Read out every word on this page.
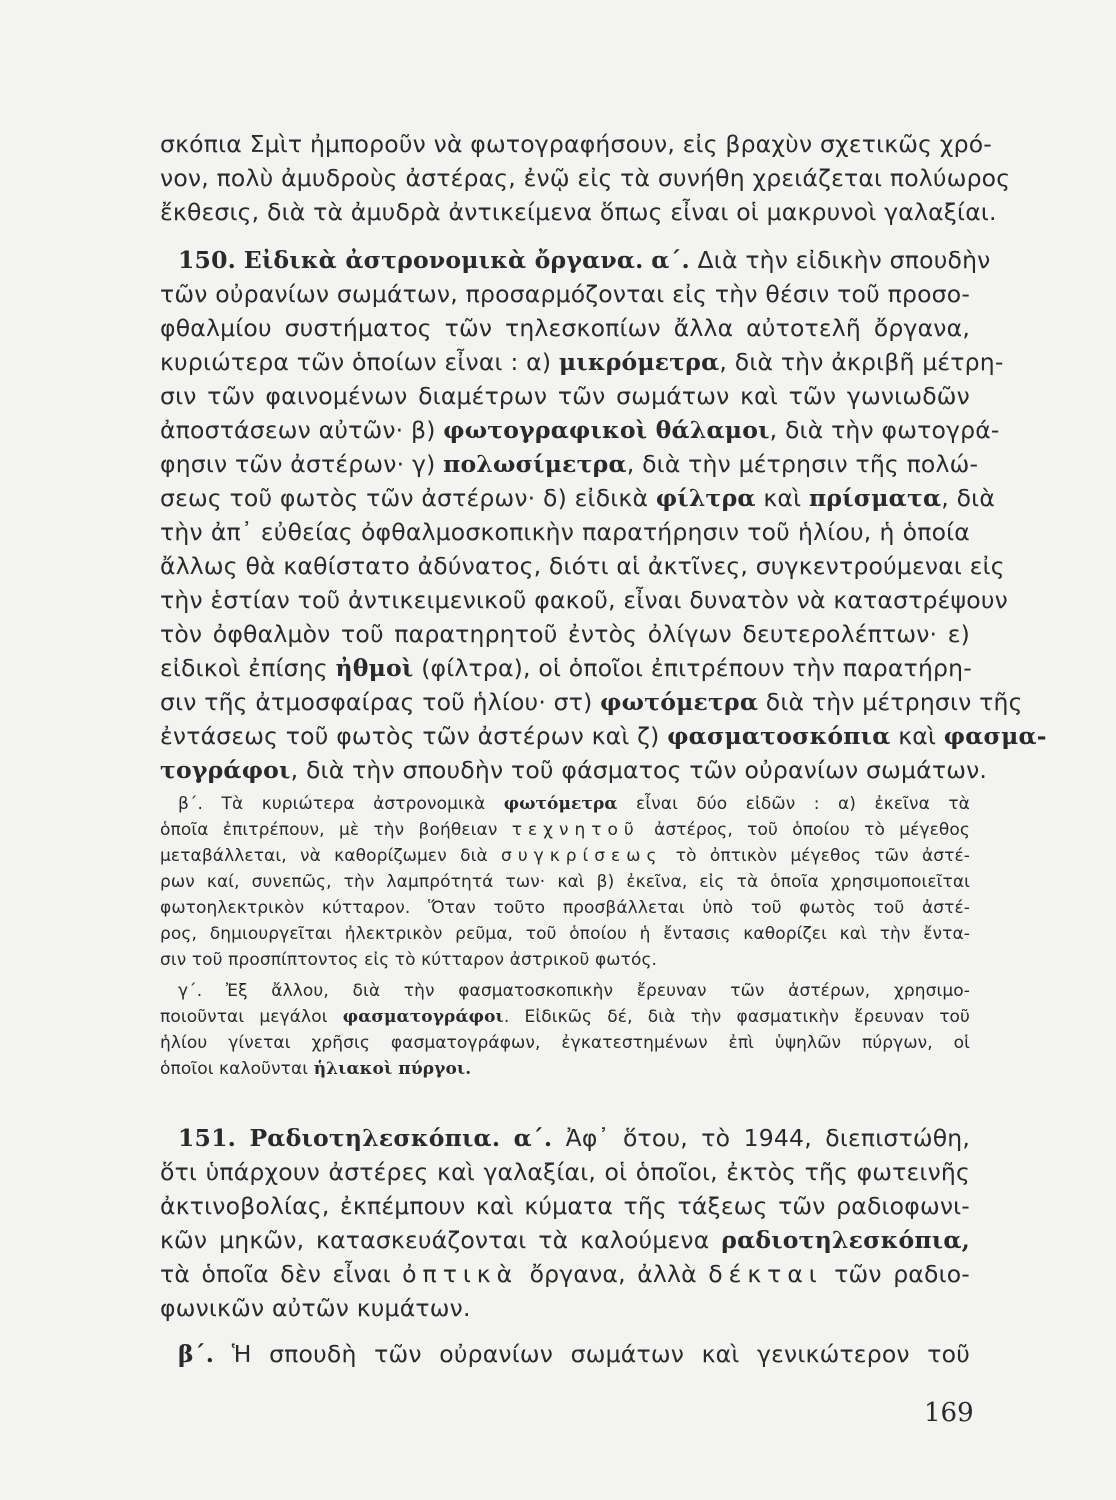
σκόπια Σμὶτ ἠμποροῦν νὰ φωτογραφήσουν, εἰς βραχὺν σχετικῶς χρό-
νον, πολὺ ἀμυδροὺς ἀστέρας, ἐνῷ εἰς τὰ συνήθη χρειάζεται πολύωρος
ἔκθεσις, διὰ τὰ ἀμυδρὰ ἀντικείμενα ὅπως εἶναι οἱ μακρυνοὶ γαλαξίαι.
150. Εἰδικὰ ἀστρονομικὰ ὄργανα. α΄. Διὰ τὴν εἰδικὴν σπουδὴν
τῶν οὐρανίων σωμάτων, προσαρμόζονται εἰς τὴν θέσιν τοῦ προσο-
φθαλμίου συστήματος τῶν τηλεσκοπίων ἄλλα αὐτοτελῆ ὄργανα,
κυριώτερα τῶν ὁποίων εἶναι : α) μικρόμετρα, διὰ τὴν ἀκριβῆ μέτρη-
σιν τῶν φαινομένων διαμέτρων τῶν σωμάτων καὶ τῶν γωνιωδῶν
ἀποστάσεων αὐτῶν· β) φωτογραφικοὶ θάλαμοι, διὰ τὴν φωτογρά-
φησιν τῶν ἀστέρων· γ) πολωσίμετρα, διὰ τὴν μέτρησιν τῆς πολώ-
σεως τοῦ φωτὸς τῶν ἀστέρων· δ) εἰδικὰ φίλτρα καὶ πρίσματα, διὰ
τὴν ἀπ᾿ εὐθείας ὀφθαλμοσκοπικὴν παρατήρησιν τοῦ ἡλίου, ἡ ὁποία
ἄλλως θὰ καθίστατο ἀδύνατος, διότι αἱ ἀκτῖνες, συγκεντρούμεναι εἰς
τὴν ἑστίαν τοῦ ἀντικειμενικοῦ φακοῦ, εἶναι δυνατὸν νὰ καταστρέψουν
τὸν ὀφθαλμὸν τοῦ παρατηρητοῦ ἐντὸς ὀλίγων δευτερολέπτων· ε)
εἰδικοὶ ἐπίσης ἠθμοὶ (φίλτρα), οἱ ὁποῖοι ἐπιτρέπουν τὴν παρατήρη-
σιν τῆς ἀτμοσφαίρας τοῦ ἡλίου· στ) φωτόμετρα διὰ τὴν μέτρησιν τῆς
ἐντάσεως τοῦ φωτὸς τῶν ἀστέρων καὶ ζ) φασματοσκόπια καὶ φασμα-
τογράφοι, διὰ τὴν σπουδὴν τοῦ φάσματος τῶν οὐρανίων σωμάτων.
β΄. Τὰ κυριώτερα ἀστρονομικὰ φωτόμετρα εἶναι δύο εἰδῶν : α) ἐκεῖνα τὰ
ὁποῖα ἐπιτρέπουν, μὲ τὴν βοήθειαν τεχνητοῦ ἀστέρος, τοῦ ὁποίου τὸ μέγεθος
μεταβάλλεται, νὰ καθορίζωμεν διὰ συγκρίσεως τὸ ὀπτικὸν μέγεθος τῶν ἀστέ-
ρων καί, συνεπῶς, τὴν λαμπρότητά των· καὶ β) ἐκεῖνα, εἰς τὰ ὁποῖα χρησιμοποιεῖται
φωτοηλεκτρικὸν κύτταρον. Ὅταν τοῦτο προσβάλλεται ὑπὸ τοῦ φωτὸς τοῦ ἀστέ-
ρος, δημιουργεῖται ἠλεκτρικὸν ρεῦμα, τοῦ ὁποίου ἡ ἔντασις καθορίζει καὶ τὴν ἔντα-
σιν τοῦ προσπίπτοντος εἰς τὸ κύτταρον ἀστρικοῦ φωτός.
γ΄. Ἐξ ἄλλου, διὰ τὴν φασματοσκοπικὴν ἔρευναν τῶν ἀστέρων, χρησιμο-
ποιοῦνται μεγάλοι φασματογράφοι. Εἰδικῶς δέ, διὰ τὴν φασματικὴν ἔρευναν τοῦ
ἡλίου γίνεται χρῆσις φασματογράφων, ἐγκατεστημένων ἐπὶ ὑψηλῶν πύργων, οἱ
ὁποῖοι καλοῦνται ἡλιακοὶ πύργοι.
151. Ραδιοτηλεσκόπια. α΄. Ἀφ᾿ ὅτου, τὸ 1944, διεπιστώθη,
ὅτι ὑπάρχουν ἀστέρες καὶ γαλαξίαι, οἱ ὁποῖοι, ἐκτὸς τῆς φωτεινῆς
ἀκτινοβολίας, ἐκπέμπουν καὶ κύματα τῆς τάξεως τῶν ραδιοφωνι-
κῶν μηκῶν, κατασκευάζονται τὰ καλούμενα ραδιοτηλεσκόπια,
τὰ ὁποῖα δὲν εἶναι ὀπτικὰ ὄργανα, ἀλλὰ δέκται τῶν ραδιο-
φωνικῶν αὐτῶν κυμάτων.
β΄. Ἡ σπουδὴ τῶν οὐρανίων σωμάτων καὶ γενικώτερον τοῦ
169
